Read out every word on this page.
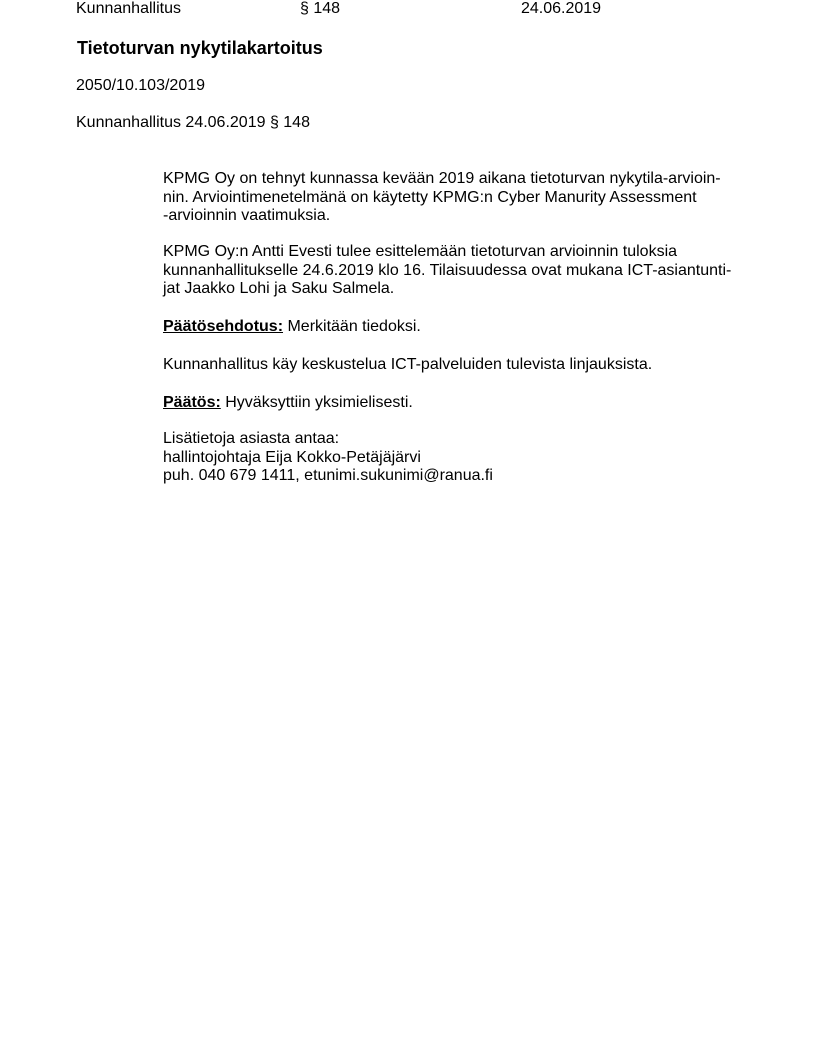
Kunnanhallitus	§ 148	24.06.2019
Tietoturvan nykytilakartoitus
2050/10.103/2019
Kunnanhallitus 24.06.2019 § 148
KPMG Oy on tehnyt kunnassa kevään 2019 aikana tietoturvan nykytila-arvioin-
nin. Arviointimenetelmänä on käytetty KPMG:n Cyber Manurity Assessment
-arvioinnin vaatimuksia.
KPMG Oy:n Antti Evesti tulee esittelemään tietoturvan arvioinnin tuloksia
kunnanhallitukselle 24.6.2019 klo 16. Tilaisuudessa ovat mukana ICT-asiantunti-
jat Jaakko Lohi ja Saku Salmela.
Päätösehdotus: Merkitään tiedoksi.
Kunnanhallitus käy keskustelua ICT-palveluiden tulevista linjauksista.
Päätös: Hyväksyttiin yksimielisesti.
Lisätietoja asiasta antaa:
hallintojohtaja Eija Kokko-Petäjäjärvi
puh. 040 679 1411, etunimi.sukunimi@ranua.fi
